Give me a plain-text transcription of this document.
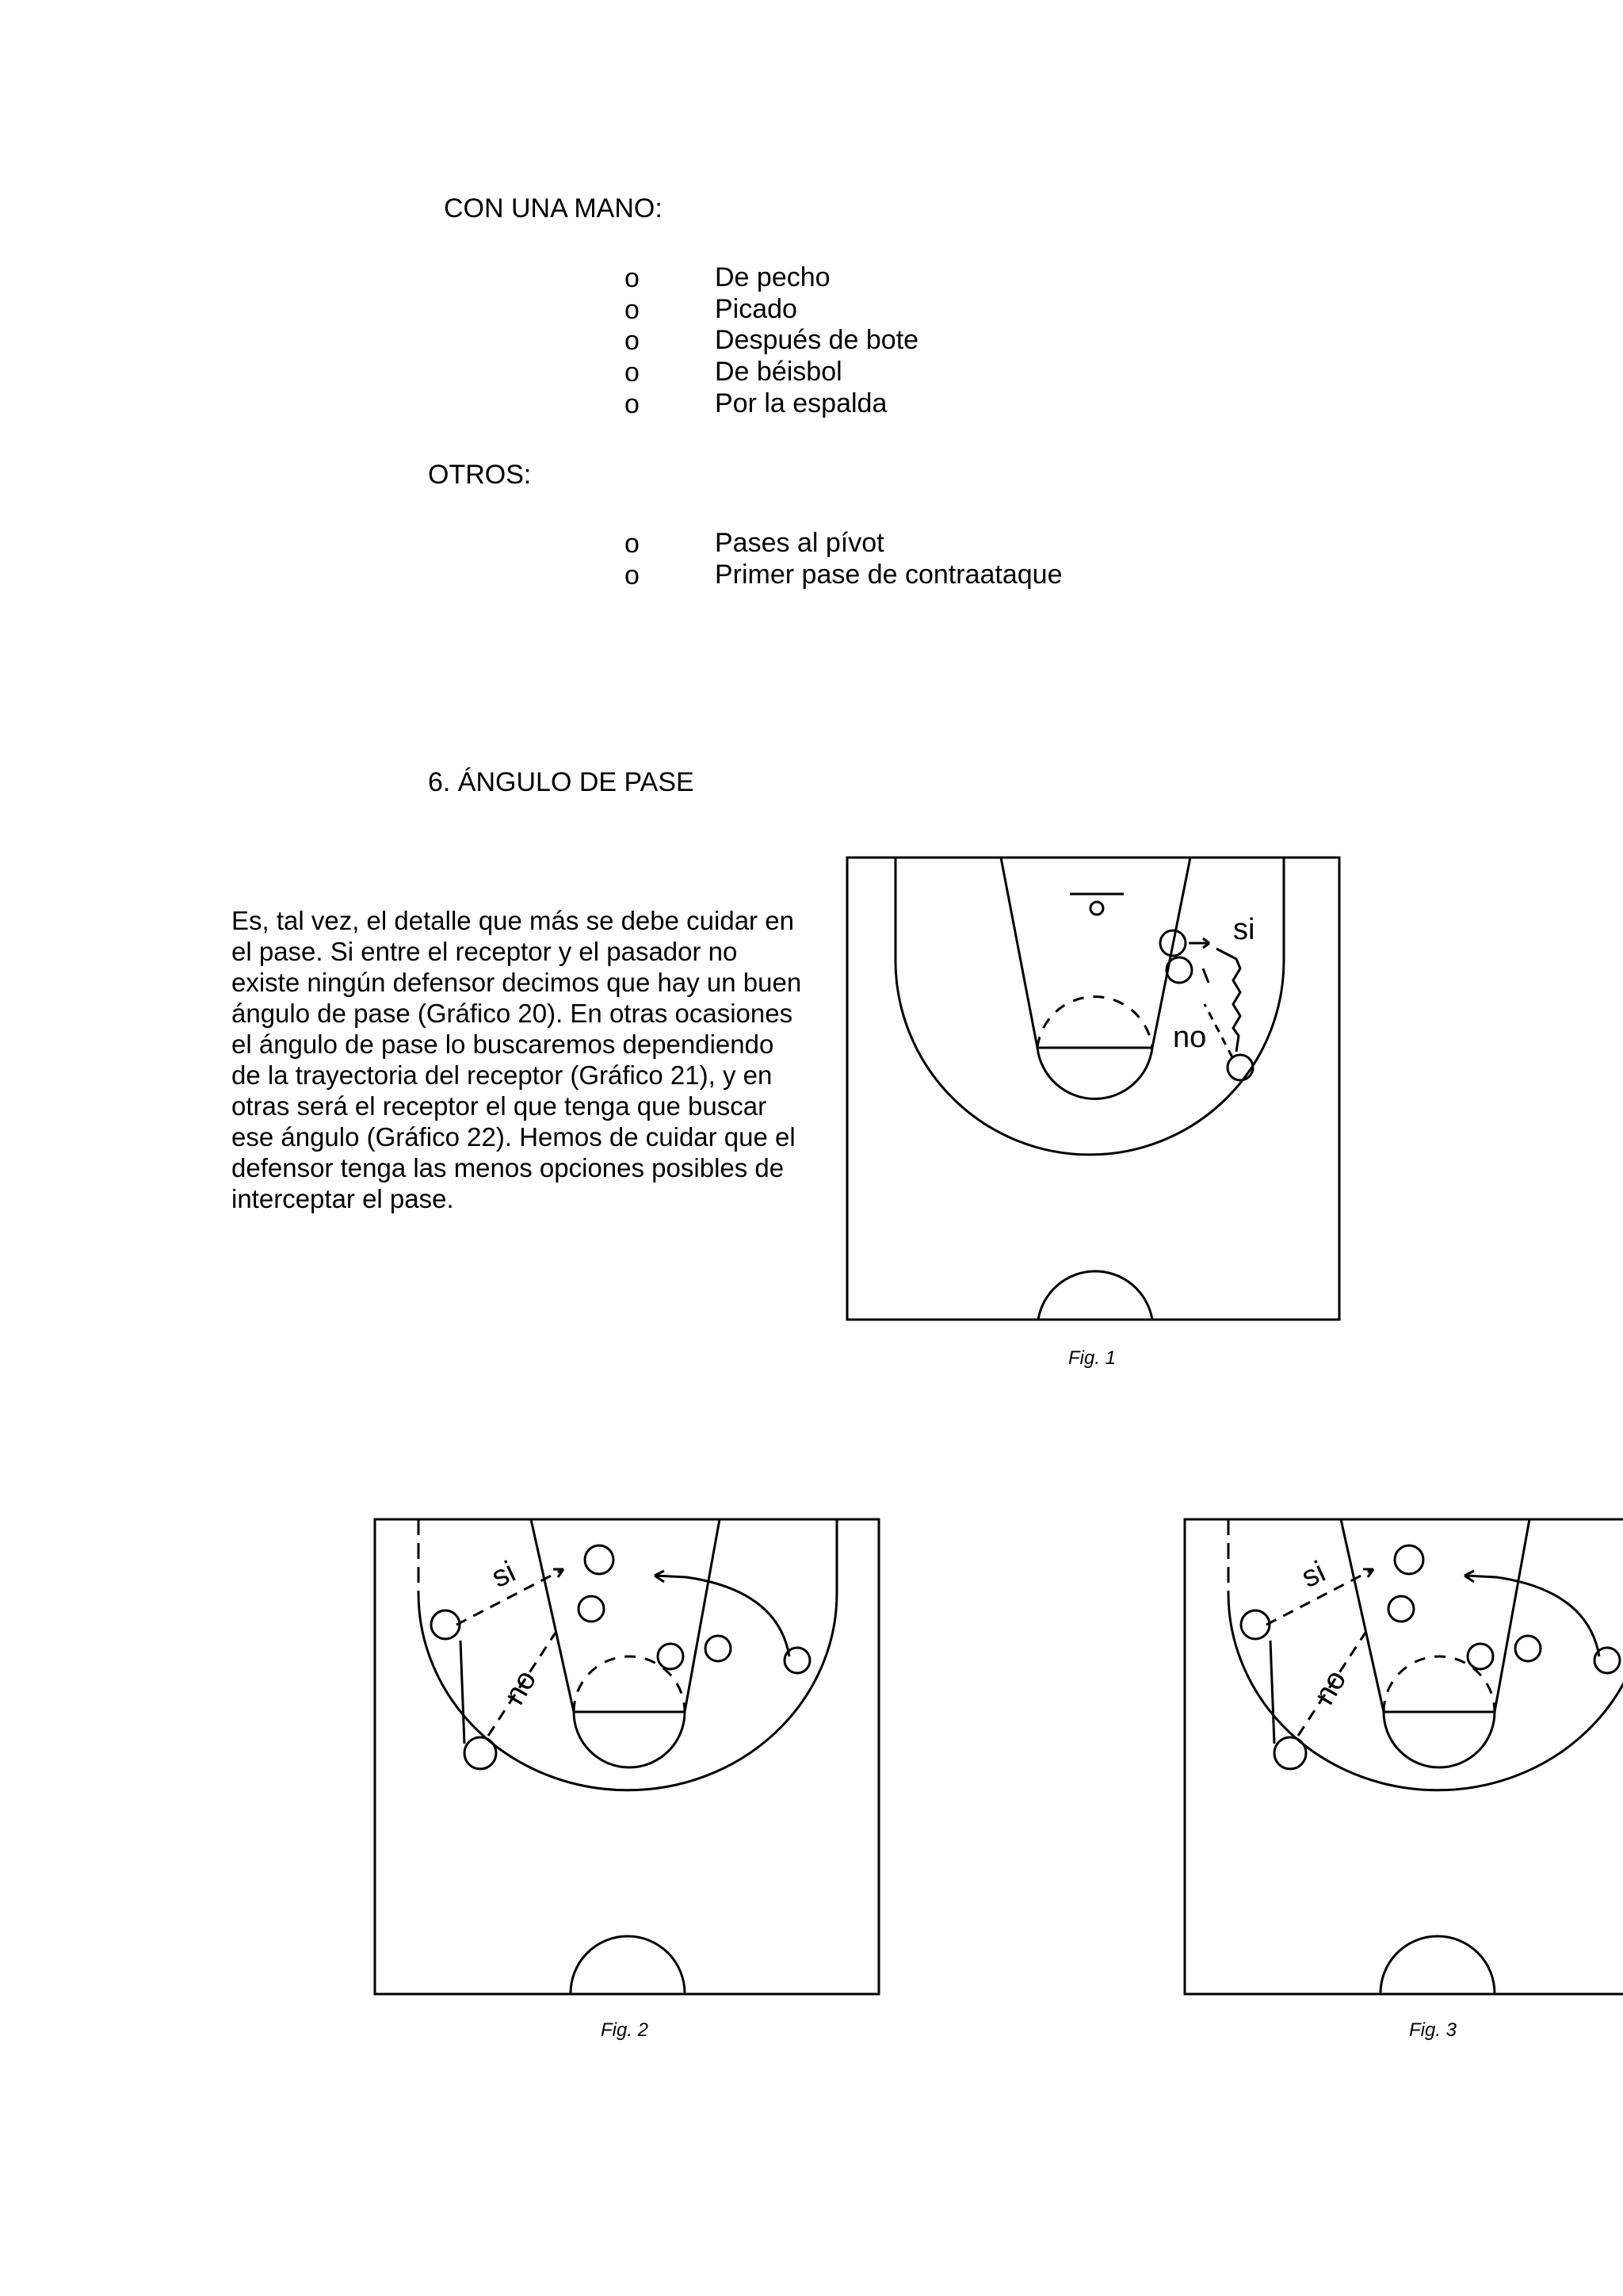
CON UNA MANO:
o	De pecho
o	Picado
o	Después de bote
o	De béisbol
o	Por la espalda
OTROS:
o	Pases al pívot
o	Primer pase de contraataque
6. ÁNGULO DE PASE
Es, tal vez, el detalle que más se debe cuidar en el pase. Si entre el receptor y el pasador no existe ningún defensor decimos que hay un buen ángulo de pase (Gráfico 20). En otras ocasiones el ángulo de pase lo buscaremos dependiendo de la trayectoria del receptor (Gráfico 21), y en otras será el receptor el que tenga que buscar ese ángulo (Gráfico 22). Hemos de cuidar que el defensor tenga las menos opciones posibles de interceptar el pase.
si
no
Fig. 1
si
no
Fig. 2
si
no
Fig. 3
